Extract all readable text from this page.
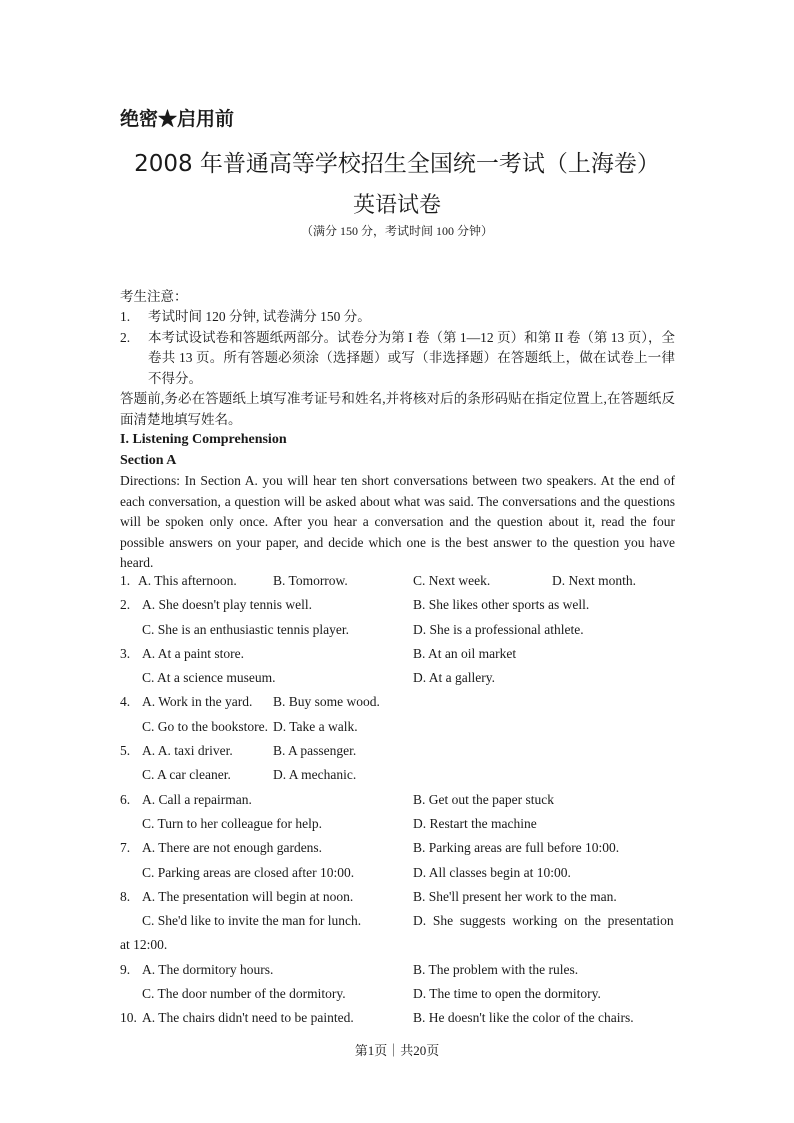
绝密★启用前
2008 年普通高等学校招生全国统一考试（上海卷）
英语试卷
（满分 150 分，考试时间 100 分钟）
考生注意：
1. 考试时间 120 分钟, 试卷满分 150 分。
2. 本考试设试卷和答题纸两部分。试卷分为第 I 卷（第 1—12 页）和第 II 卷（第 13 页），全卷共 13 页。所有答题必须涂（选择题）或写（非选择题）在答题纸上，做在试卷上一律不得分。
答题前,务必在答题纸上填写准考证号和姓名,并将核对后的条形码贴在指定位置上,在答题纸反面清楚地填写姓名。
I. Listening Comprehension
Section A
Directions: In Section A. you will hear ten short conversations between two speakers. At the end of each conversation, a question will be asked about what was said. The conversations and the questions will be spoken only once. After you hear a conversation and the question about it, read the four possible answers on your paper, and decide which one is the best answer to the question you have heard.
1. A. This afternoon.	B. Tomorrow.	C. Next week.	D. Next month.
2. A. She doesn't play tennis well.	B. She likes other sports as well.
C. She is an enthusiastic tennis player.	D. She is a professional athlete.
3. A. At a paint store.	B. At an oil market
C. At a science museum.	D. At a gallery.
4. A. Work in the yard. B. Buy some wood.
C. Go to the bookstore. D. Take a walk.
5. A. A. taxi driver.	B. A passenger.
C. A car cleaner.	D. A mechanic.
6. A. Call a repairman.	B. Get out the paper stuck
C. Turn to her colleague for help.	D. Restart the machine
7. A. There are not enough gardens.	B. Parking areas are full before 10:00.
C. Parking areas are closed after 10:00.	D. All classes begin at 10:00.
8. A. The presentation will begin at noon.	B. She'll present her work to the man.
C. She'd like to invite the man for lunch.	D.  She  suggests  working  on  the  presentation
at 12:00.
9. A. The dormitory hours.	B. The problem with the rules.
C. The door number of the dormitory.	D. The time to open the dormitory.
10. A. The chairs didn't need to be painted.	B. He doesn't like the color of the chairs.
第1页｜共20页
